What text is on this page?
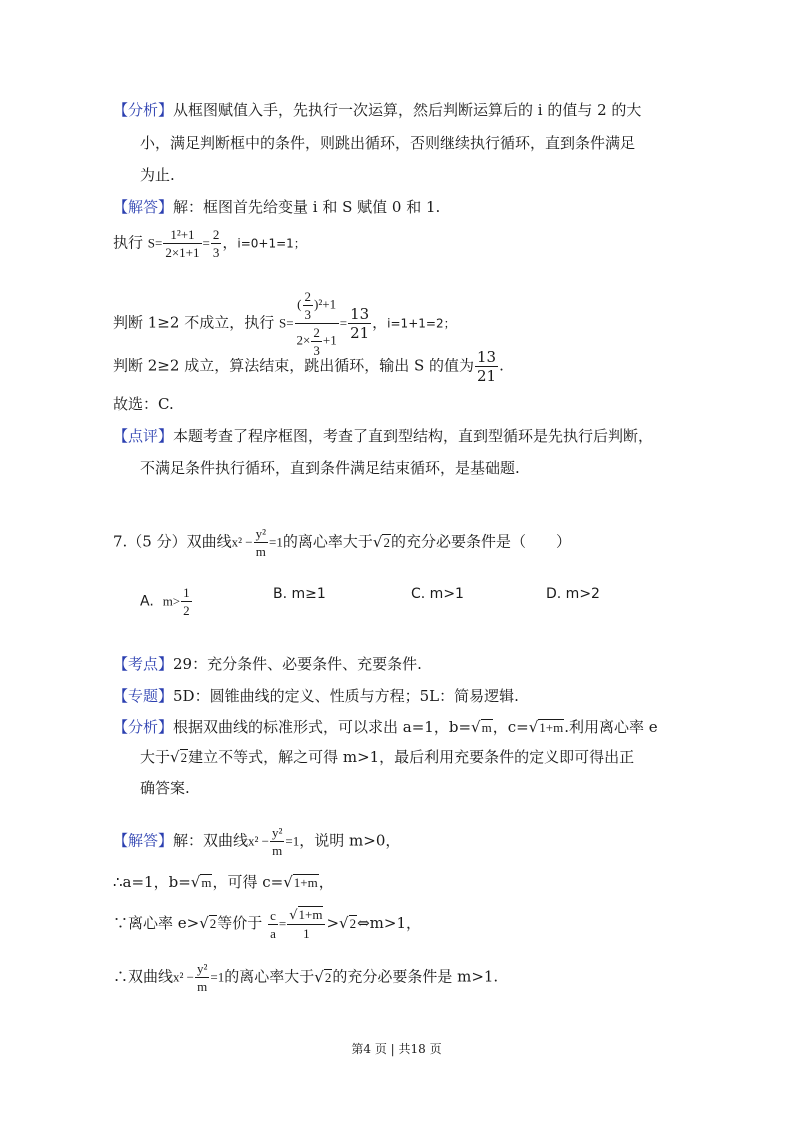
【分析】从框图赋值入手，先执行一次运算，然后判断运算后的 i 的值与 2 的大
小，满足判断框中的条件，则跳出循环，否则继续执行循环，直到条件满足
为止.
【解答】解：框图首先给变量 i 和 S 赋值 0 和 1.
执行 $S= \frac{\text{1²+1}}{2\times 1+1} = \frac{2}{3}$ ，i=0+1=1；
判断 1≥2 不成立，执行 $S= \frac{( \frac{2}{3} )^2+1}{2\times \frac{2}{3} +1} = \frac{13}{21}$ ，i=1+1=2；
判断 2≥2 成立，算法结束，跳出循环，输出 S 的值为 $\frac{13}{21}$ .
故选：C.
【点评】本题考查了程序框图，考查了直到型结构，直到型循环是先执行后判断，
不满足条件执行循环，直到条件满足结束循环，是基础题.
7.（5 分）双曲线$x^2 - \frac{\text{y²}}{m} =1$的离心率大于√2的充分必要条件是（　　）
A. $m> \frac{1}{2}$	B. m≥1	C. m>1	D. m>2
【考点】29：充分条件、必要条件、充要条件.
【专题】5D：圆锥曲线的定义、性质与方程；5L：简易逻辑.
【分析】根据双曲线的标准形式，可以求出 a=1，b=√m，c=√1+m.利用离心率 e
大于√2建立不等式，解之可得 m>1，最后利用充要条件的定义即可得出正
确答案.
【解答】解：双曲线$x^2 - \frac{\text{y²}}{m} =1$，说明 m>0，
∴a=1，b=√m，可得 c=√1+m，
∵离心率 e>√2等价于 $\frac{c}{a} = \frac{√1+m}{1}$ >√2⇔m>1，
∴双曲线$x^2 - \frac{\text{y²}}{m} =1$的离心率大于√2的充分必要条件是 m>1.
第4 页 | 共18 页
